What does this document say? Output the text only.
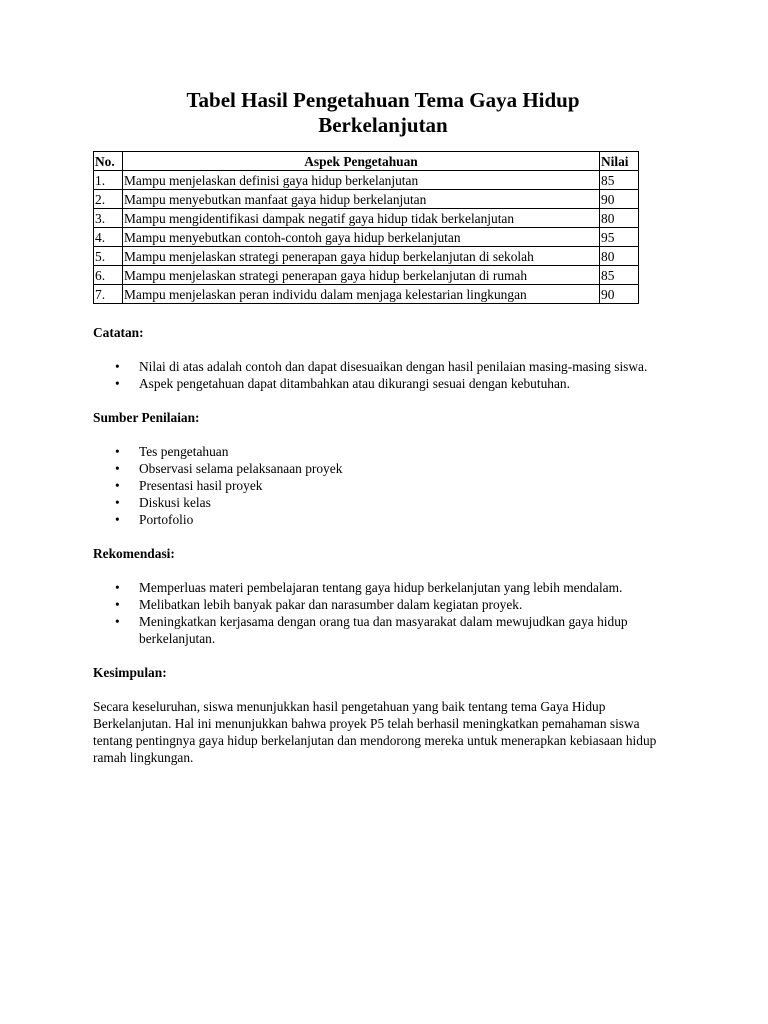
Tabel Hasil Pengetahuan Tema Gaya Hidup
Berkelanjutan
No.	Aspek Pengetahuan	Nilai
1.	Mampu menjelaskan definisi gaya hidup berkelanjutan	85
2.	Mampu menyebutkan manfaat gaya hidup berkelanjutan	90
3.	Mampu mengidentifikasi dampak negatif gaya hidup tidak berkelanjutan	80
4.	Mampu menyebutkan contoh-contoh gaya hidup berkelanjutan	95
5.	Mampu menjelaskan strategi penerapan gaya hidup berkelanjutan di sekolah	80
6.	Mampu menjelaskan strategi penerapan gaya hidup berkelanjutan di rumah	85
7.	Mampu menjelaskan peran individu dalam menjaga kelestarian lingkungan	90

Catatan:

• Nilai di atas adalah contoh dan dapat disesuaikan dengan hasil penilaian masing-masing siswa.
• Aspek pengetahuan dapat ditambahkan atau dikurangi sesuai dengan kebutuhan.

Sumber Penilaian:

• Tes pengetahuan
• Observasi selama pelaksanaan proyek
• Presentasi hasil proyek
• Diskusi kelas
• Portofolio

Rekomendasi:

• Memperluas materi pembelajaran tentang gaya hidup berkelanjutan yang lebih mendalam.
• Melibatkan lebih banyak pakar dan narasumber dalam kegiatan proyek.
• Meningkatkan kerjasama dengan orang tua dan masyarakat dalam mewujudkan gaya hidup berkelanjutan.

Kesimpulan:

Secara keseluruhan, siswa menunjukkan hasil pengetahuan yang baik tentang tema Gaya Hidup Berkelanjutan. Hal ini menunjukkan bahwa proyek P5 telah berhasil meningkatkan pemahaman siswa tentang pentingnya gaya hidup berkelanjutan dan mendorong mereka untuk menerapkan kebiasaan hidup ramah lingkungan.
